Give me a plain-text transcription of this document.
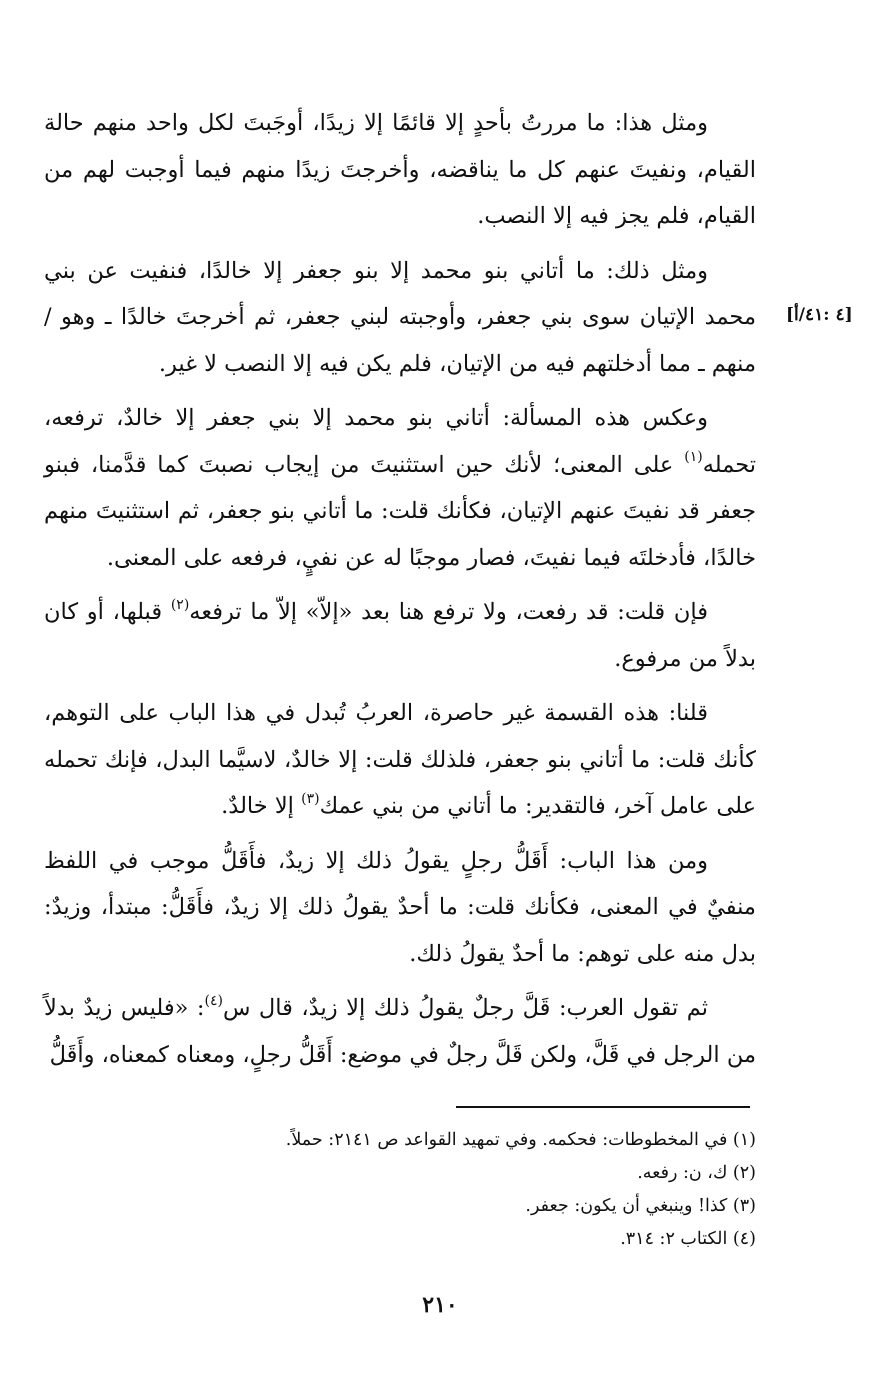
ومثل هذا: ما مررتُ بأحدٍ إلا قائمًا إلا زيدًا، أوجَبتَ لكل واحد منهم حالة القيام، ونفيتَ عنهم كل ما يناقضه، وأخرجتَ زيدًا منهم فيما أوجبت لهم من القيام، فلم يجز فيه إلا النصب.

ومثل ذلك: ما أتاني بنو محمد إلا بنو جعفر إلا خالدًا، فنفيت عن بني محمد الإتيان سوى بني جعفر، وأوجبته لبني جعفر، ثم أخرجتَ خالدًا ـ وهو /منهم ـ مما أدخلتهم فيه من الإتيان، فلم يكن فيه إلا النصب لا غير.

وعكس هذه المسألة: أتاني بنو محمد إلا بني جعفر إلا خالدٌ، ترفعه، تحمله$^{(١)}$ على المعنى؛ لأنك حين استثنيتَ من إيجاب نصبتَ كما قدَّمنا، فبنو جعفر قد نفيتَ عنهم الإتيان، فكأنك قلت: ما أتاني بنو جعفر، ثم استثنيتَ منهم خالدًا، فأدخلتَه فيما نفيتَ، فصار موجبًا له عن نفيٍ، فرفعه على المعنى.

فإن قلت: قد رفعت، ولا ترفع هنا بعد «إلاّ» إلاّ ما ترفعه$^{(٢)}$ قبلها، أو كان بدلاً من مرفوع.

قلنا: هذه القسمة غير حاصرة، العربُ تُبدل في هذا الباب على التوهم، كأنك قلت: ما أتاني بنو جعفر، فلذلك قلت: إلا خالدٌ، لاسيَّما البدل، فإنك تحمله على عامل آخر، فالتقدير: ما أتاني من بني عمك$^{(٣)}$ إلا خالدٌ.

ومن هذا الباب: أَقَلُّ رجلٍ يقولُ ذلك إلا زيدٌ، فأَقَلُّ موجب في اللفظ منفيٌ في المعنى، فكأنك قلت: ما أحدٌ يقولُ ذلك إلا زيدٌ، فأَقَلُّ: مبتدأ، وزيدٌ: بدل منه على توهم: ما أحدٌ يقولُ ذلك.

ثم تقول العرب: قَلَّ رجلٌ يقولُ ذلك إلا زيدٌ، قال س$^{(٤)}$: «فليس زيدٌ بدلاً من الرجل في قَلَّ، ولكن قَلَّ رجلٌ في موضع: أَقَلُّ رجلٍ، ومعناه كمعناه، وأَقَلُّ

[٤ :٤١/أ]

(١) في المخطوطات: فحكمه. وفي تمهيد القواعد ص ٢١٤١: حملاً.

(٢) ك، ن: رفعه.

(٣) كذا! وينبغي أن يكون: جعفر.

(٤) الكتاب ٢: ٣١٤.

٢١٠
